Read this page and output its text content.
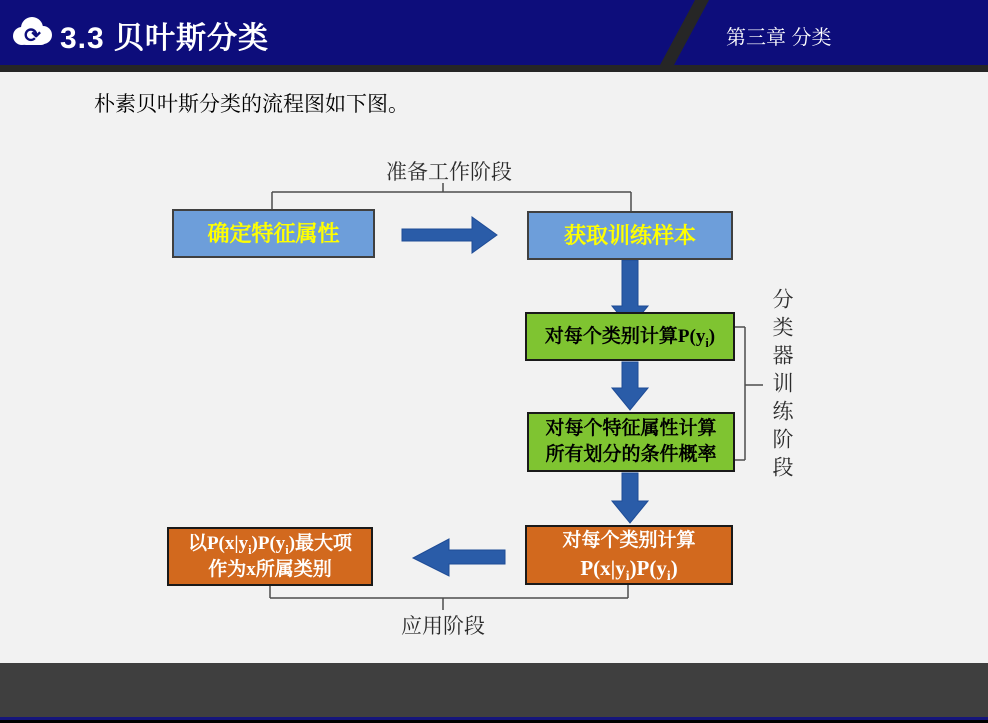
⟳ 3.3 贝叶斯分类	第三章 分类
朴素贝叶斯分类的流程图如下图。
准备工作阶段
分类器训练阶段
应用阶段
确定特征属性	获取训练样本
对每个类别计算$P(y_i)$
对每个特征属性计算
所有划分的条件概率
对每个类别计算
$P(x|y_i)P(y_i)$
以$P(x|y_i)P(y_i)$最大项
作为x所属类别
